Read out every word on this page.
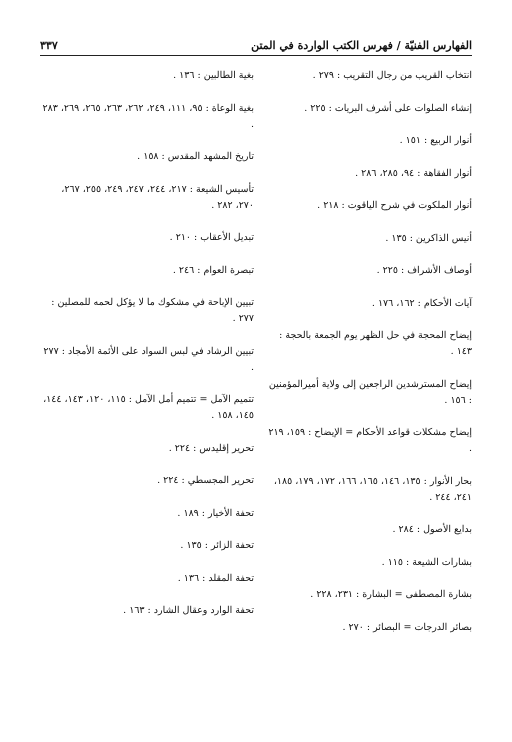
٣٣٧	الفهارس الفنيّة / فهرس الكتب الواردة في المتن
انتخاب القريب من رجال التقريب : ٢٧٩ .
إنشاء الصلوات على أشرف البريات : ٢٢٥ .
أنوار الربيع : ١٥١ .
أنوار الفقاهة : ٩٤، ٢٨٥، ٢٨٦ .
أنوار الملكوت في شرح الياقوت : ٢١٨ .
أنيس الذاكرين : ١٣٥ .
أوصاف الأشراف : ٢٢٥ .
آيات الأحكام : ١٦٢، ١٧٦ .
إيضاح المحجة في حل الظهر يوم الجمعة بالحجة : ١٤٣ .
إيضاح المسترشدين الراجعين إلى ولاية أميرالمؤمنين : ١٥٦ .
إيضاح مشكلات قواعد الأحكام = الإيضاح : ١٥٩، ٢١٩ .
بحار الأنوار : ١٣٥، ١٤٦، ١٦٥، ١٦٦، ١٧٢، ١٧٩، ١٨٥، ٢٤١، ٢٤٤ .
بدايع الأصول : ٢٨٤ .
بشارات الشيعة : ١١٥ .
بشارة المصطفى = البشارة : ٢٣١، ٢٢٨ .
بصائر الدرجات = البصائر : ٢٧٠ .
بغية الطالبين : ١٣٦ .
بغية الوعاة : ٩٥، ١١١، ٢٤٩، ٢٦٢، ٢٦٣، ٢٦٥، ٢٦٩، ٢٨٣ .
تاريخ المشهد المقدس : ١٥٨ .
تأسيس الشيعة : ٢١٧، ٢٤٤، ٢٤٧، ٢٤٩، ٢٥٥، ٢٦٧، ٢٧٠، ٢٨٢ .
تبديل الأعقاب : ٢١٠ .
تبصرة العوام : ٢٤٦ .
تبيين الإباحة في مشكوك ما لا يؤكل لحمه للمصلين : ٢٧٧ .
تبيين الرشاد في لبس السواد على الأئمة الأمجاد : ٢٧٧ .
تتميم الآمل = تتميم أمل الآمل : ١١٥، ١٢٠، ١٤٣، ١٤٤، ١٤٥، ١٥٨ .
تحرير إقليدس : ٢٢٤ .
تحرير المجسطي : ٢٢٤ .
تحفة الأخيار : ١٨٩ .
تحفة الزائر : ١٣٥ .
تحفة المقلد : ١٣٦ .
تحفة الوارد وعقال الشارد : ١٦٣ .
